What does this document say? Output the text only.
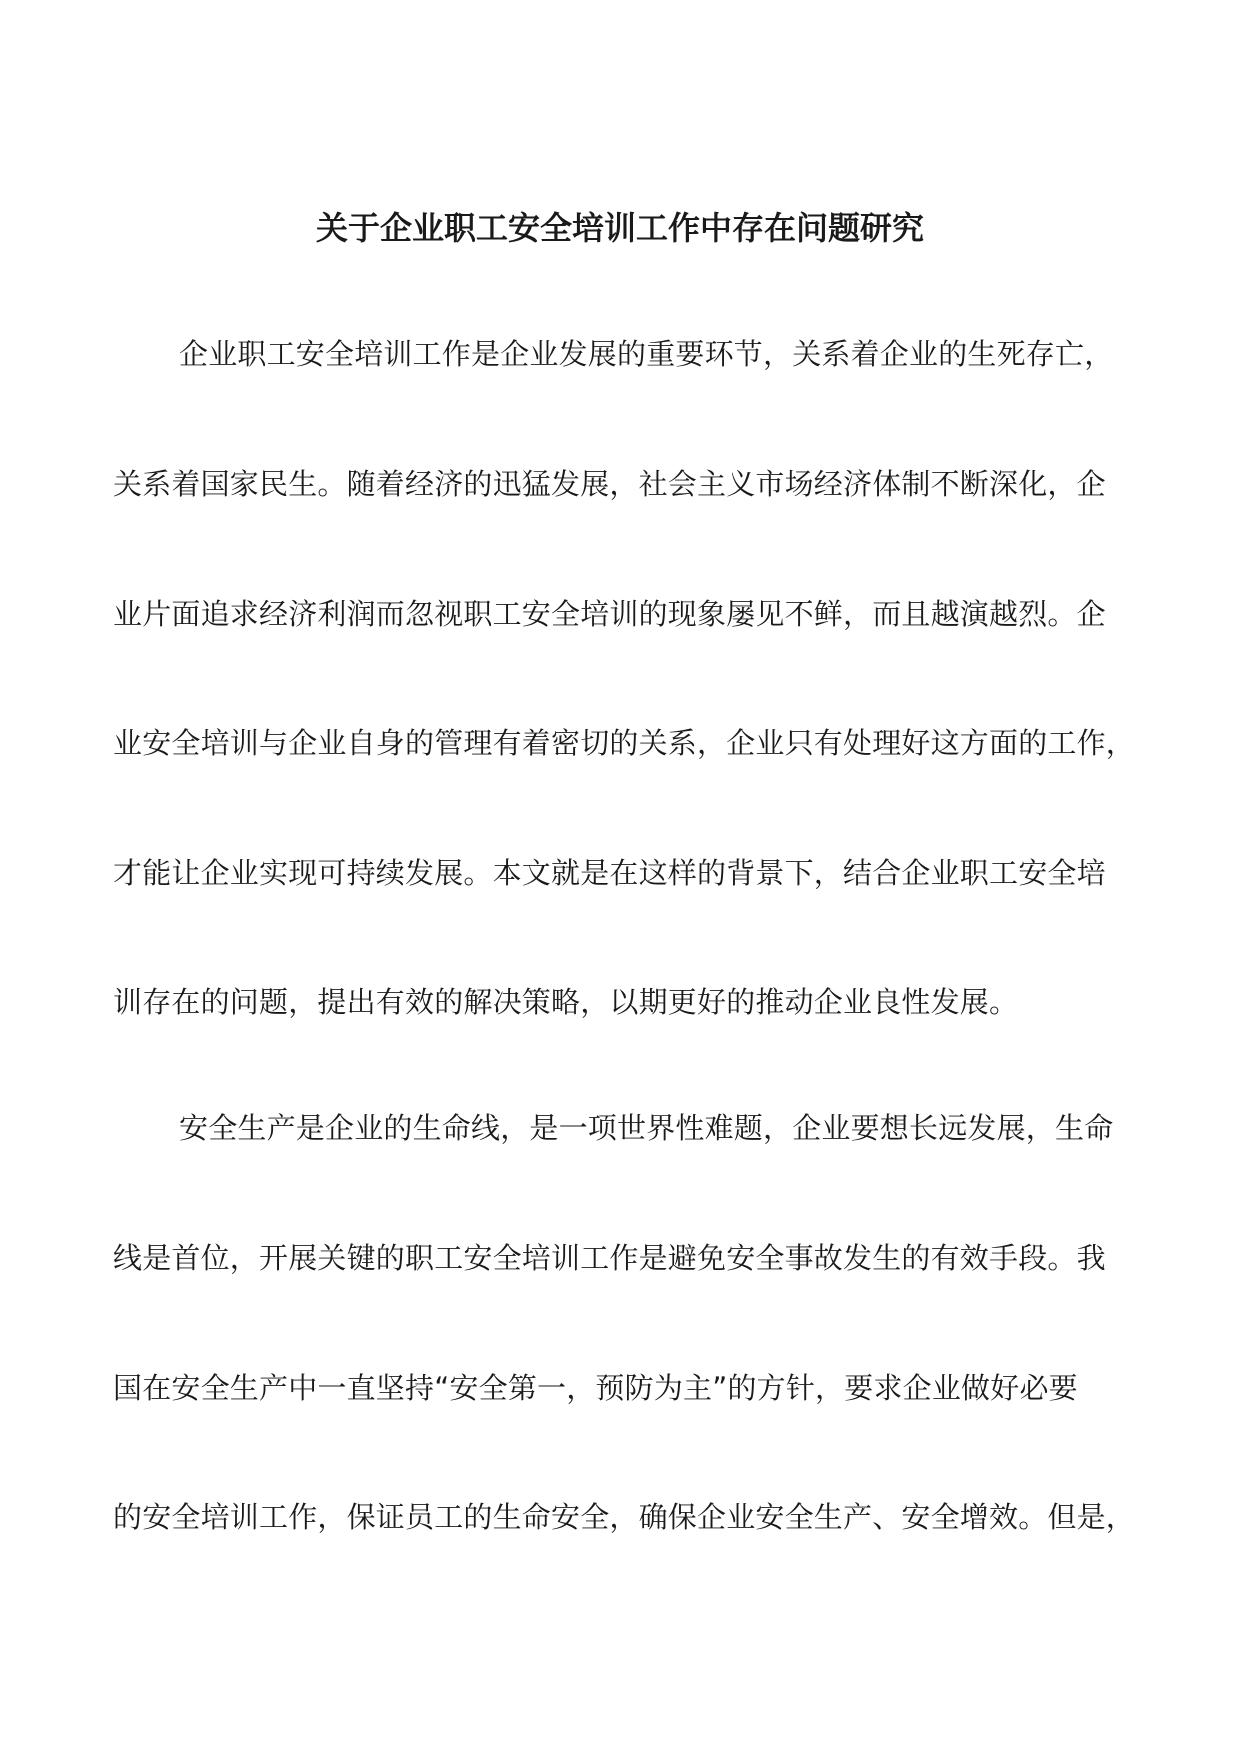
关于企业职工安全培训工作中存在问题研究

企业职工安全培训工作是企业发展的重要环节，关系着企业的生死存亡，

关系着国家民生。随着经济的迅猛发展，社会主义市场经济体制不断深化，企

业片面追求经济利润而忽视职工安全培训的现象屡见不鲜，而且越演越烈。企

业安全培训与企业自身的管理有着密切的关系，企业只有处理好这方面的工作，

才能让企业实现可持续发展。本文就是在这样的背景下，结合企业职工安全培

训存在的问题，提出有效的解决策略，以期更好的推动企业良性发展。

安全生产是企业的生命线，是一项世界性难题，企业要想长远发展，生命

线是首位，开展关键的职工安全培训工作是避免安全事故发生的有效手段。我

国在安全生产中一直坚持“安全第一，预防为主”的方针，要求企业做好必要

的安全培训工作，保证员工的生命安全，确保企业安全生产、安全增效。但是，
